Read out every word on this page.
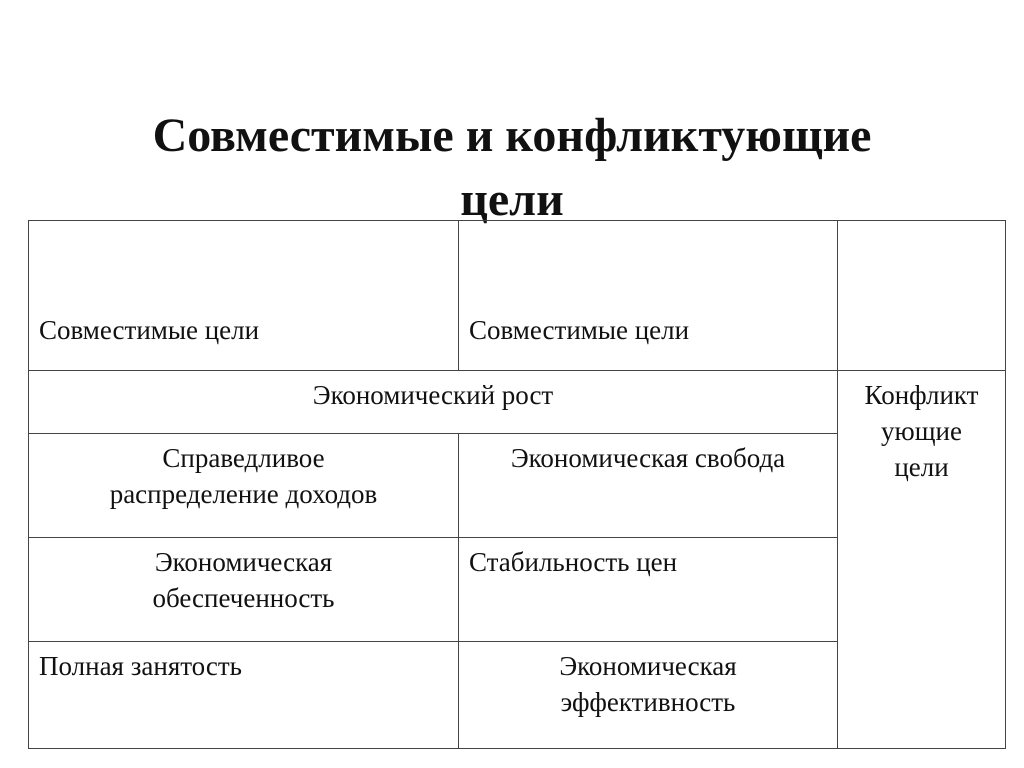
Совместимые и конфликтующие
цели
Совместимые цели	Совместимые цели	
Экономический рост		Конфликт
ующие
цели

Справедливое
распределение доходов	Экономическая свобода	

Экономическая
обеспеченность	Стабильность цен	

Полная занятость	Экономическая
эффективность	
